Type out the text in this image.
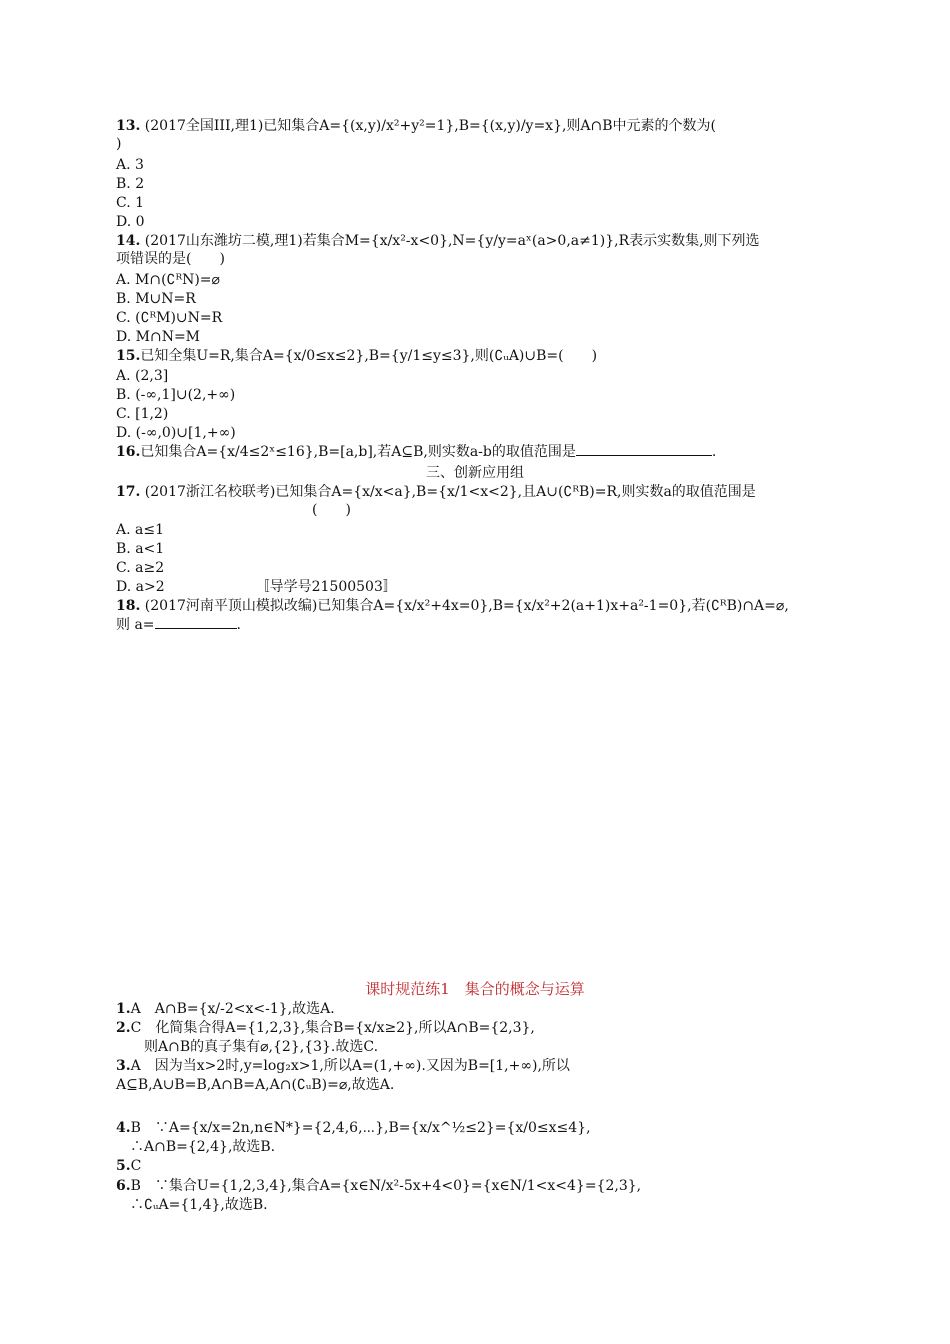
13. (2017全国III,理1)已知集合A={(x,y)/x²+y²=1},B={(x,y)/y=x},则A∩B中元素的个数为(
)
A. 3
B. 2
C. 1
D. 0
14. (2017山东潍坊二模,理1)若集合M={x/x²-x<0},N={y/y=aˣ(a>0,a≠1)},R表示实数集,则下列选
项错误的是(　　)
A. M∩(∁ᴿN)=⌀
B. M∪N=R
C. (∁ᴿM)∪N=R
D. M∩N=M
15.已知全集U=R,集合A={x/0≤x≤2},B={y/1≤y≤3},则(∁ᵤA)∪B=(　　)
A. (2,3]
B. (-∞,1]∪(2,+∞)
C. [1,2)
D. (-∞,0)∪[1,+∞)
16.已知集合A={x/4≤2ˣ≤16},B=[a,b],若A⊆B,则实数a-b的取值范围是	.
17. (2017浙江名校联考)已知集合A={x/x<a},B={x/1<x<2},且A∪(∁ᴿB)=R,则实数a的取值范围是
　　　　　　　　　　　　　　(　　)
A. a≤1
B. a<1
C. a≥2
D. a>2　　　　　　　〚导学号21500503〛
18. (2017河南平顶山模拟改编)已知集合A={x/x²+4x=0},B={x/x²+2(a+1)x+a²-1=0},若(∁ᴿB)∩A=⌀,
则 a=	.
1.A　A∩B={x/-2<x<-1},故选A.
2.C　化简集合得A={1,2,3},集合B={x/x≥2},所以A∩B={2,3},
　　则A∩B的真子集有⌀,{2},{3}.故选C.
3.A　因为当x>2时,y=log₂x>1,所以A=(1,+∞).又因为B=[1,+∞),所以
A⊆B,A∪B=B,A∩B=A,A∩(∁ᵤB)=⌀,故选A.
4.B　∵A={x/x=2n,n∈N*}={2,4,6,⋯},B={x/x^½≤2}={x/0≤x≤4},
　∴A∩B={2,4},故选B.
5.C
6.B　∵集合U={1,2,3,4},集合A={x∈N/x²-5x+4<0}={x∈N/1<x<4}={2,3},
　∴∁ᵤA={1,4},故选B.
三、创新应用组
课时规范练1　集合的概念与运算
